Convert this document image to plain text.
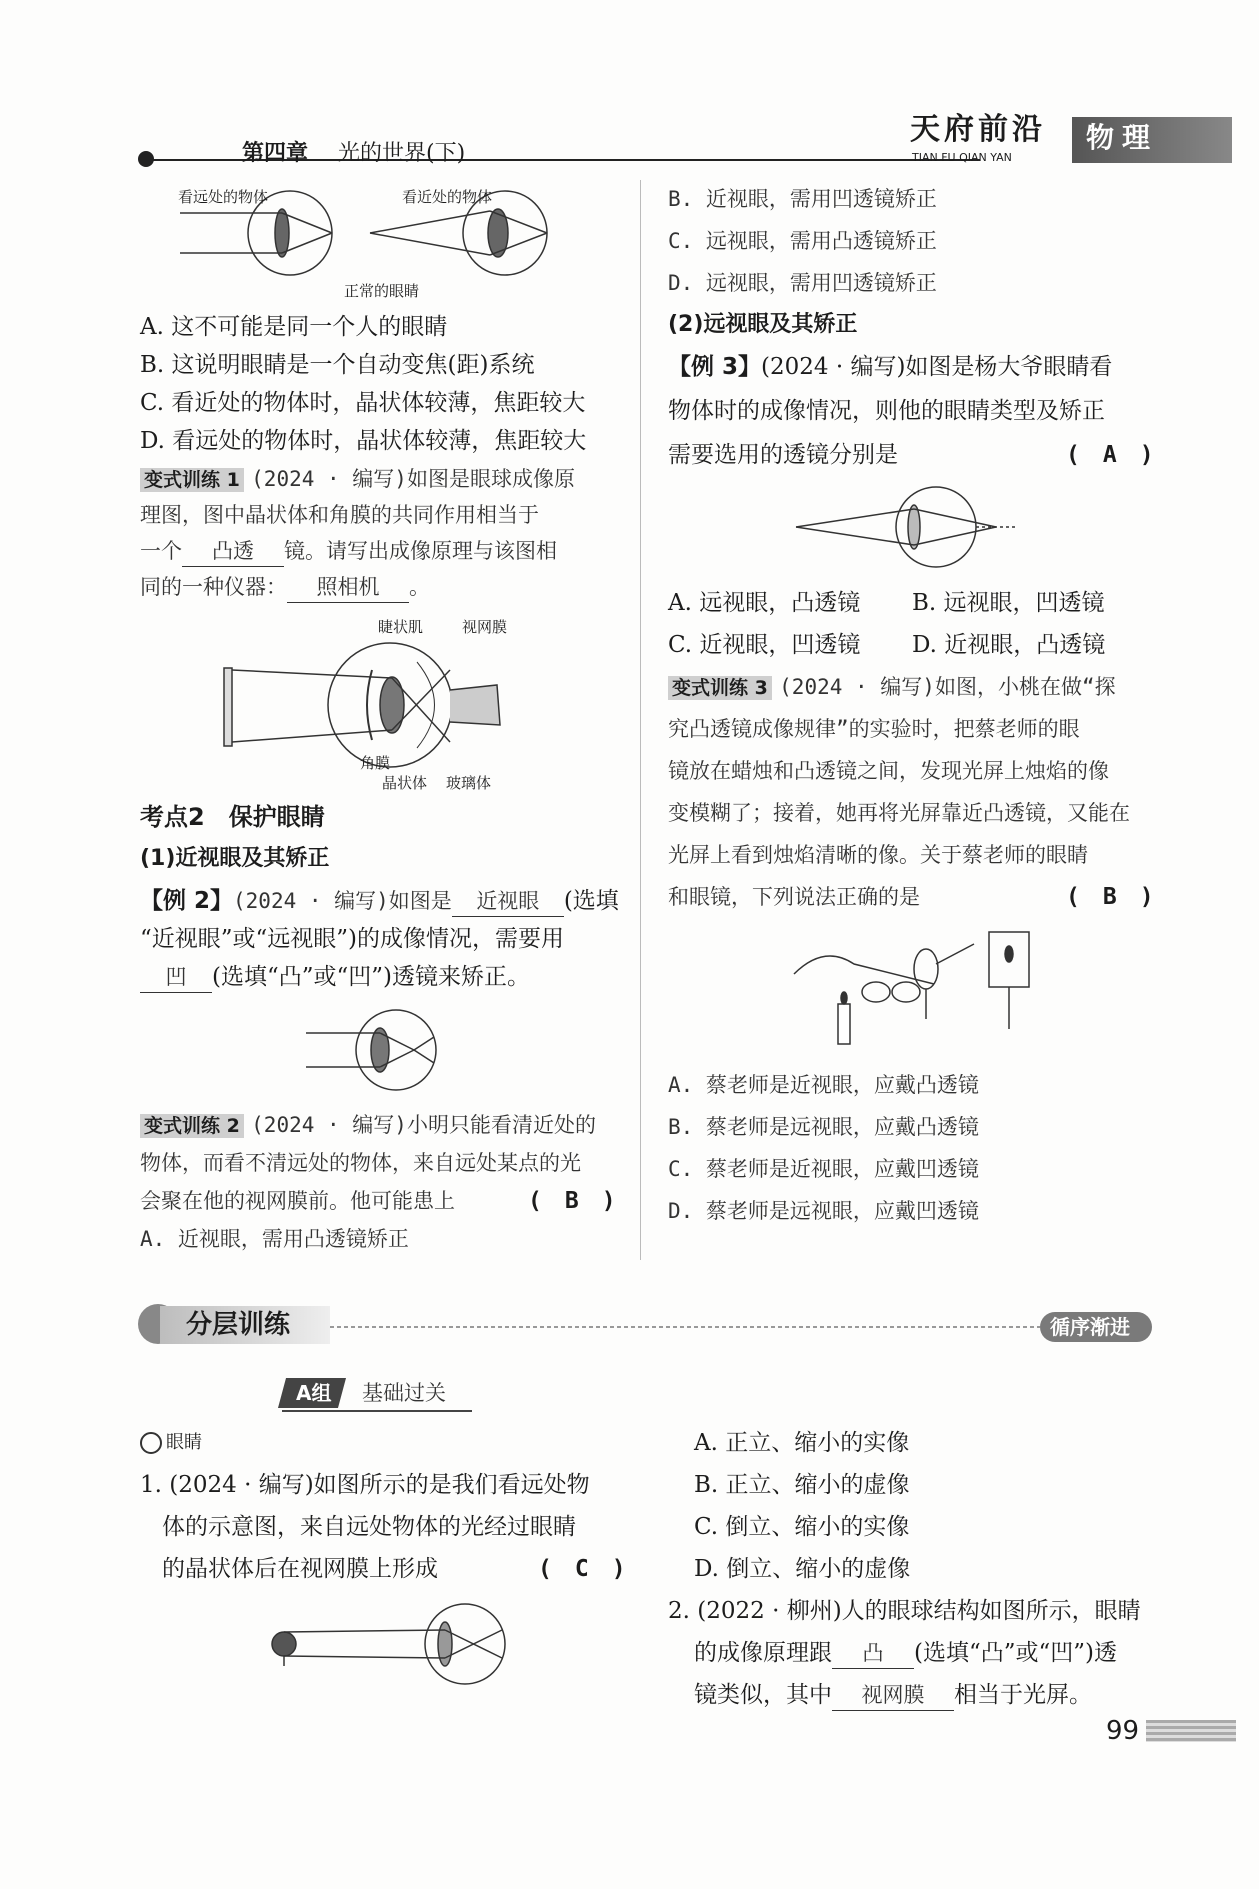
第四章 光的世界(下)
天府前沿
TIAN FU QIAN YAN
物理
看远处的物体	看近处的物体
正常的眼睛
A. 这不可能是同一个人的眼睛
B. 这说明眼睛是一个自动变焦(距)系统
C. 看近处的物体时，晶状体较薄，焦距较大
D. 看远处的物体时，晶状体较薄，焦距较大
变式训练 1 (2024 · 编写)如图是眼球成像原
理图，图中晶状体和角膜的共同作用相当于
一个 凸透 镜。请写出成像原理与该图相
同的一种仪器： 照相机 。
睫状肌	视网膜
角膜
晶状体 玻璃体
考点2　保护眼睛
(1)近视眼及其矫正
【例 2】(2024 · 编写)如图是 近视眼 (选填
“近视眼”或“远视眼”)的成像情况，需要用
凹 (选填“凸”或“凹”)透镜来矫正。
变式训练 2 (2024 · 编写)小明只能看清近处的
物体，而看不清远处的物体，来自远处某点的光
会聚在他的视网膜前。他可能患上	(　B　)
A. 近视眼，需用凸透镜矫正
B. 近视眼，需用凹透镜矫正
C. 远视眼，需用凸透镜矫正
D. 远视眼，需用凹透镜矫正
(2)远视眼及其矫正
【例 3】(2024 · 编写)如图是杨大爷眼睛看
物体时的成像情况，则他的眼睛类型及矫正
需要选用的透镜分别是	(　A　)
A. 远视眼，凸透镜 B. 远视眼，凹透镜
C. 近视眼，凹透镜 D. 近视眼，凸透镜
变式训练 3 (2024 · 编写)如图，小桃在做“探
究凸透镜成像规律”的实验时，把蔡老师的眼
镜放在蜡烛和凸透镜之间，发现光屏上烛焰的像
变模糊了；接着，她再将光屏靠近凸透镜，又能在
光屏上看到烛焰清晰的像。关于蔡老师的眼睛
和眼镜，下列说法正确的是	(　B　)
A. 蔡老师是近视眼，应戴凸透镜
B. 蔡老师是远视眼，应戴凸透镜
C. 蔡老师是近视眼，应戴凹透镜
D. 蔡老师是远视眼，应戴凹透镜
分层训练	循序渐进
A组 基础过关
眼睛
1. (2024 · 编写)如图所示的是我们看远处物
体的示意图，来自远处物体的光经过眼睛
的晶状体后在视网膜上形成	(　C　)
A. 正立、缩小的实像
B. 正立、缩小的虚像
C. 倒立、缩小的实像
D. 倒立、缩小的虚像
2. (2022 · 柳州)人的眼球结构如图所示，眼睛
的成像原理跟 凸 (选填“凸”或“凹”)透
镜类似，其中 视网膜 相当于光屏。
99
